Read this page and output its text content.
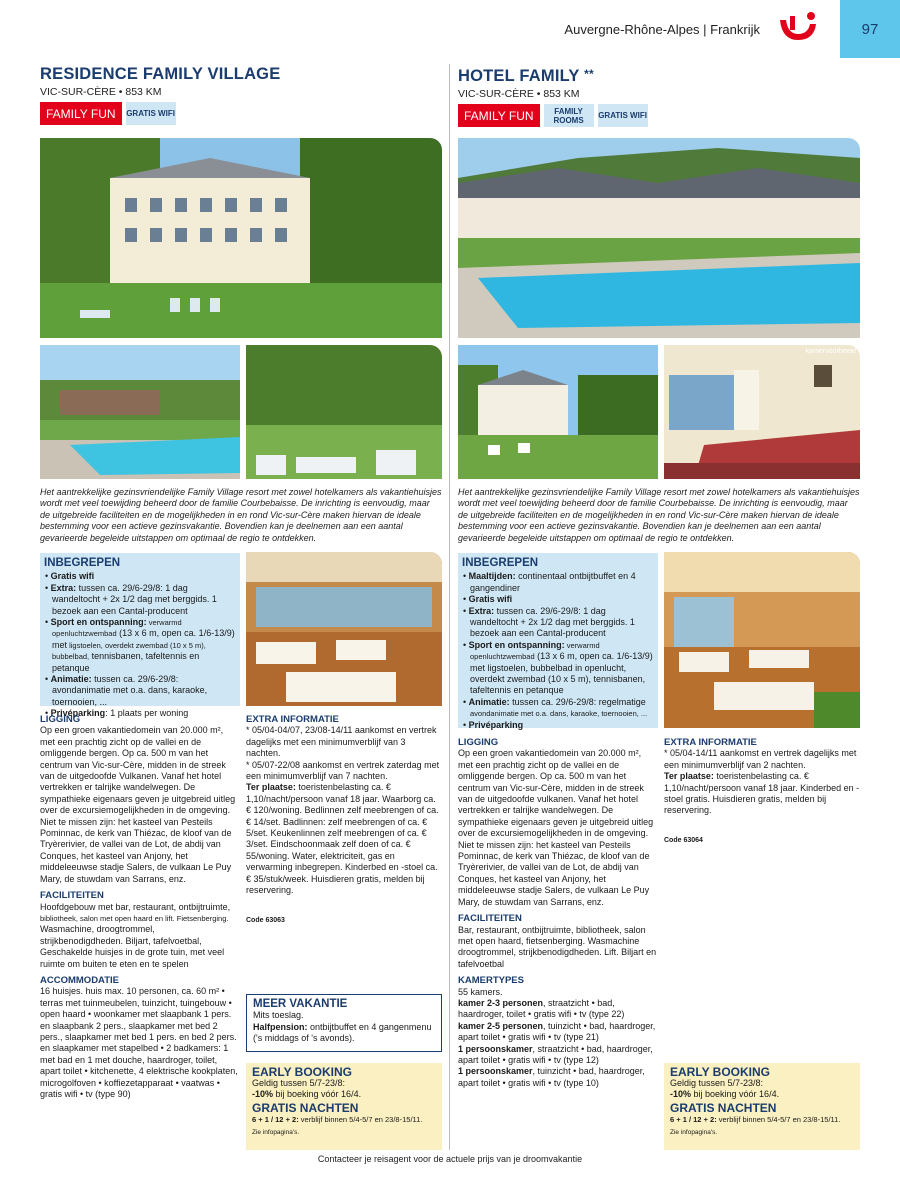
Auvergne-Rhône-Alpes | Frankrijk	97
RESIDENCE FAMILY VILLAGE
VIC-SUR-CÈRE • 853 KM
FAMILY FUN	GRATIS WIFI
HOTEL FAMILY **
VIC-SUR-CÈRE • 853 KM
FAMILY FUN	FAMILY ROOMS	GRATIS WIFI
kamervoorbeeld
Het aantrekkelijke gezinsvriendelijke Family Village resort met zowel hotelkamers als vakantiehuisjes wordt met veel toewijding beheerd door de familie Courbebaisse. De inrichting is eenvoudig, maar de uitgebreide faciliteiten en de mogelijkheden in en rond Vic-sur-Cère maken hiervan de ideale bestemming voor een actieve gezinsvakantie. Bovendien kan je deelnemen aan een aantal gevarieerde begeleide uitstappen om optimaal de regio te ontdekken.
Het aantrekkelijke gezinsvriendelijke Family Village resort met zowel hotelkamers als vakantiehuisjes wordt met veel toewijding beheerd door de familie Courbebaisse. De inrichting is eenvoudig, maar de uitgebreide faciliteiten en de mogelijkheden in en rond Vic-sur-Cère maken hiervan de ideale bestemming voor een actieve gezinsvakantie. Bovendien kan je deelnemen aan een aantal gevarieerde begeleide uitstappen om optimaal de regio te ontdekken.
INBEGREPEN
• Gratis wifi
• Extra: tussen ca. 29/6-29/8: 1 dag wandeltocht + 2x 1/2 dag met berggids. 1 bezoek aan een Cantal-producent
• Sport en ontspanning: verwarmd openluchtzwembad (13 x 6 m, open ca. 1/6-13/9) met ligstoelen, overdekt zwembad (10 x 5 m), bubbelbad, tennisbanen, tafeltennis en petanque
• Animatie: tussen ca. 29/6-29/8: avondanimatie met o.a. dans, karaoke, toernooien, ...
• Privéparking: 1 plaats per woning
INBEGREPEN
• Maaltijden: continentaal ontbijtbuffet en 4 gangendiner
• Gratis wifi
• Extra: tussen ca. 29/6-29/8: 1 dag wandeltocht + 2x 1/2 dag met berggids. 1 bezoek aan een Cantal-producent
• Sport en ontspanning: verwarmd openluchtzwembad (13 x 6 m, open ca. 1/6-13/9) met ligstoelen, bubbelbad in openlucht, overdekt zwembad (10 x 5 m), tennisbanen, tafeltennis en petanque
• Animatie: tussen ca. 29/6-29/8: regelmatige avondanimatie met o.a. dans, karaoke, toernooien, ...
• Privéparking
LIGGING
Op een groen vakantiedomein van 20.000 m², met een prachtig zicht op de vallei en de omliggende bergen. Op ca. 500 m van het centrum van Vic-sur-Cère, midden in de streek van de uitgedoofde Vulkanen. Vanaf het hotel vertrekken er talrijke wandelwegen. De sympathieke eigenaars geven je uitgebreid uitleg over de excursiemogelijkheden in de omgeving. Niet te missen zijn: het kasteel van Pesteils Pominnac, de kerk van Thiézac, de kloof van de Tryèrerivier, de vallei van de Lot, de abdij van Conques, het kasteel van Anjony, het middeleeuwse stadje Salers, de vulkaan Le Puy Mary, de stuwdam van Sarrans, enz.
FACILITEITEN
Hoofdgebouw met bar, restaurant, ontbijtruimte, bibliotheek, salon met open haard en lift. Fietsenberging. Wasmachine, droogtrommel, strijkbenodigdheden. Biljart, tafelvoetbal, Geschakelde huisjes in de grote tuin, met veel ruimte om buiten te eten en te spelen
ACCOMMODATIE
16 huisjes. huis max. 10 personen, ca. 60 m² • terras met tuinmeubelen, tuinzicht, tuingebouw • open haard • woonkamer met slaapbank 1 pers. en slaapbank 2 pers., slaapkamer met bed 2 pers., slaapkamer met bed 1 pers. en bed 2 pers. en slaapkamer met stapelbed • 2 badkamers: 1 met bad en 1 met douche, haardroger, toilet, apart toilet • kitchenette, 4 elektrische kookplaten, microgolfoven • koffiezetapparaat • vaatwas • gratis wifi • tv (type 90)
EXTRA INFORMATIE
* 05/04-04/07, 23/08-14/11 aankomst en vertrek dagelijks met een minimumverblijf van 3 nachten.
* 05/07-22/08 aankomst en vertrek zaterdag met een minimumverblijf van 7 nachten.
Ter plaatse: toeristenbelasting ca. € 1,10/nacht/persoon vanaf 18 jaar. Waarborg ca. € 120/woning. Bedlinnen zelf meebrengen of ca. € 14/set. Badlinnen: zelf meebrengen of ca. € 5/set. Keukenlinnen zelf meebrengen of ca. € 3/set. Eindschoonmaak zelf doen of ca. € 55/woning. Water, elektriciteit, gas en verwarming inbegrepen. Kinderbed en -stoel ca. € 35/stuk/week. Huisdieren gratis, melden bij reservering.
Code 63063
MEER VAKANTIE
Mits toeslag.
Halfpension: ontbijtbuffet en 4 gangenmenu ('s middags of 's avonds).
EARLY BOOKING
Geldig tussen 5/7-23/8:
-10% bij boeking vóór 16/4.
GRATIS NACHTEN
6 + 1 / 12 + 2: verblijf binnen 5/4-5/7 en 23/8-15/11.
Zie infopagina's.
LIGGING
Op een groen vakantiedomein van 20.000 m², met een prachtig zicht op de vallei en de omliggende bergen. Op ca. 500 m van het centrum van Vic-sur-Cère, midden in de streek van de uitgedoofde vulkanen. Vanaf het hotel vertrekken er talrijke wandelwegen. De sympathieke eigenaars geven je uitgebreid uitleg over de excursiemogelijkheden in de omgeving. Niet te missen zijn: het kasteel van Pesteils Pominnac, de kerk van Thiézac, de kloof van de Tryèrerivier, de vallei van de Lot, de abdij van Conques, het kasteel van Anjony, het middeleeuwse stadje Salers, de vulkaan Le Puy Mary, de stuwdam van Sarrans, enz.
FACILITEITEN
Bar, restaurant, ontbijtruimte, bibliotheek, salon met open haard, fietsenberging. Wasmachine droogtrommel, strijkbenodigdheden. Lift. Biljart en tafelvoetbal
KAMERTYPES
55 kamers.
kamer 2-3 personen, straatzicht • bad, haardroger, toilet • gratis wifi • tv (type 22)
kamer 2-5 personen, tuinzicht • bad, haardroger, apart toilet • gratis wifi • tv (type 21)
1 persoonskamer, straatzicht • bad, haardroger, apart toilet • gratis wifi • tv (type 12)
1 persoonskamer, tuinzicht • bad, haardroger, apart toilet • gratis wifi • tv (type 10)
EXTRA INFORMATIE
* 05/04-14/11 aankomst en vertrek dagelijks met een minimumverblijf van 2 nachten.
Ter plaatse: toeristenbelasting ca. € 1,10/nacht/persoon vanaf 18 jaar. Kinderbed en -stoel gratis. Huisdieren gratis, melden bij reservering.
Code 63064
EARLY BOOKING
Geldig tussen 5/7-23/8:
-10% bij boeking vóór 16/4.
GRATIS NACHTEN
6 + 1 / 12 + 2: verblijf binnen 5/4-5/7 en 23/8-15/11.
Zie infopagina's.
Contacteer je reisagent voor de actuele prijs van je droomvakantie
